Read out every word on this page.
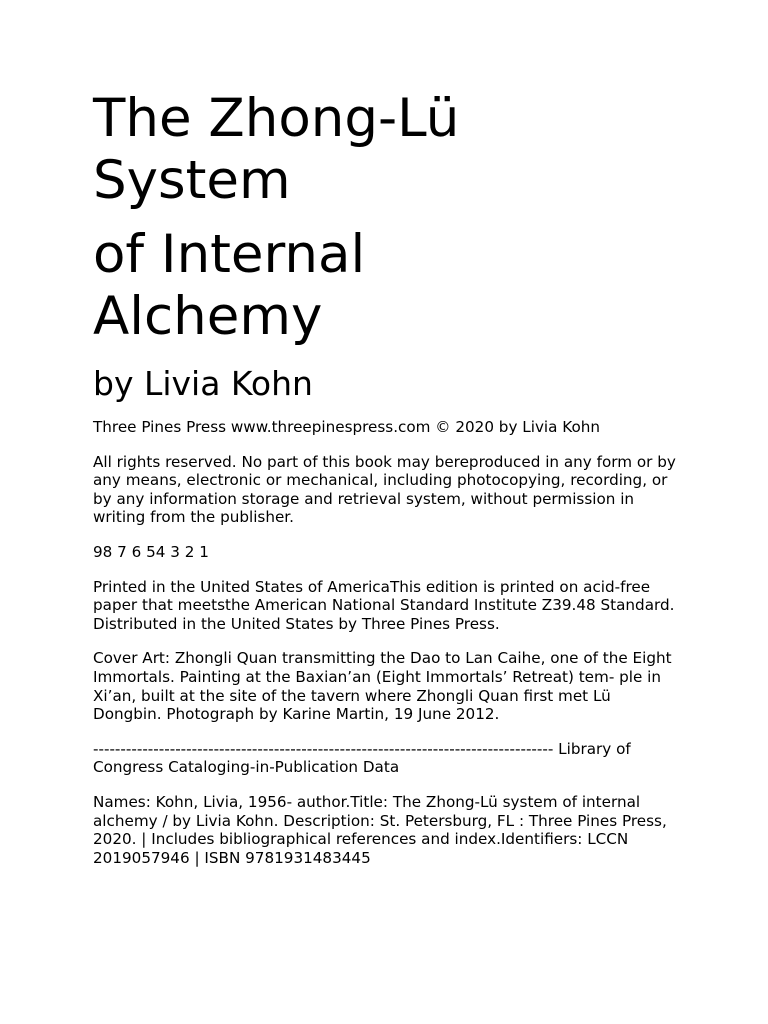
The Zhong-Lü
System
of Internal
Alchemy
by Livia Kohn

Three Pines Press www.threepinespress.com © 2020 by Livia Kohn

All rights reserved. No part of this book may bereproduced in any form or by any means, electronic or mechanical, including photocopying, recording, or by any information storage and retrieval system, without permission in writing from the publisher.

98 7 6 54 3 2 1

Printed in the United States of AmericaThis edition is printed on acid-free paper that meetsthe American National Standard Institute Z39.48 Standard. Distributed in the United States by Three Pines Press.

Cover Art: Zhongli Quan transmitting the Dao to Lan Caihe, one of the Eight Immortals. Painting at the Baxian’an (Eight Immortals’ Retreat) tem- ple in Xi’an, built at the site of the tavern where Zhongli Quan first met Lü Dongbin. Photograph by Karine Martin, 19 June 2012.

------------------------------------------------------------------------------------ Library of Congress Cataloging-in-Publication Data

Names: Kohn, Livia, 1956- author.Title: The Zhong-Lü system of internal alchemy / by Livia Kohn. Description: St. Petersburg, FL : Three Pines Press, 2020. | Includes bibliographical references and index.Identifiers: LCCN 2019057946 | ISBN 9781931483445
